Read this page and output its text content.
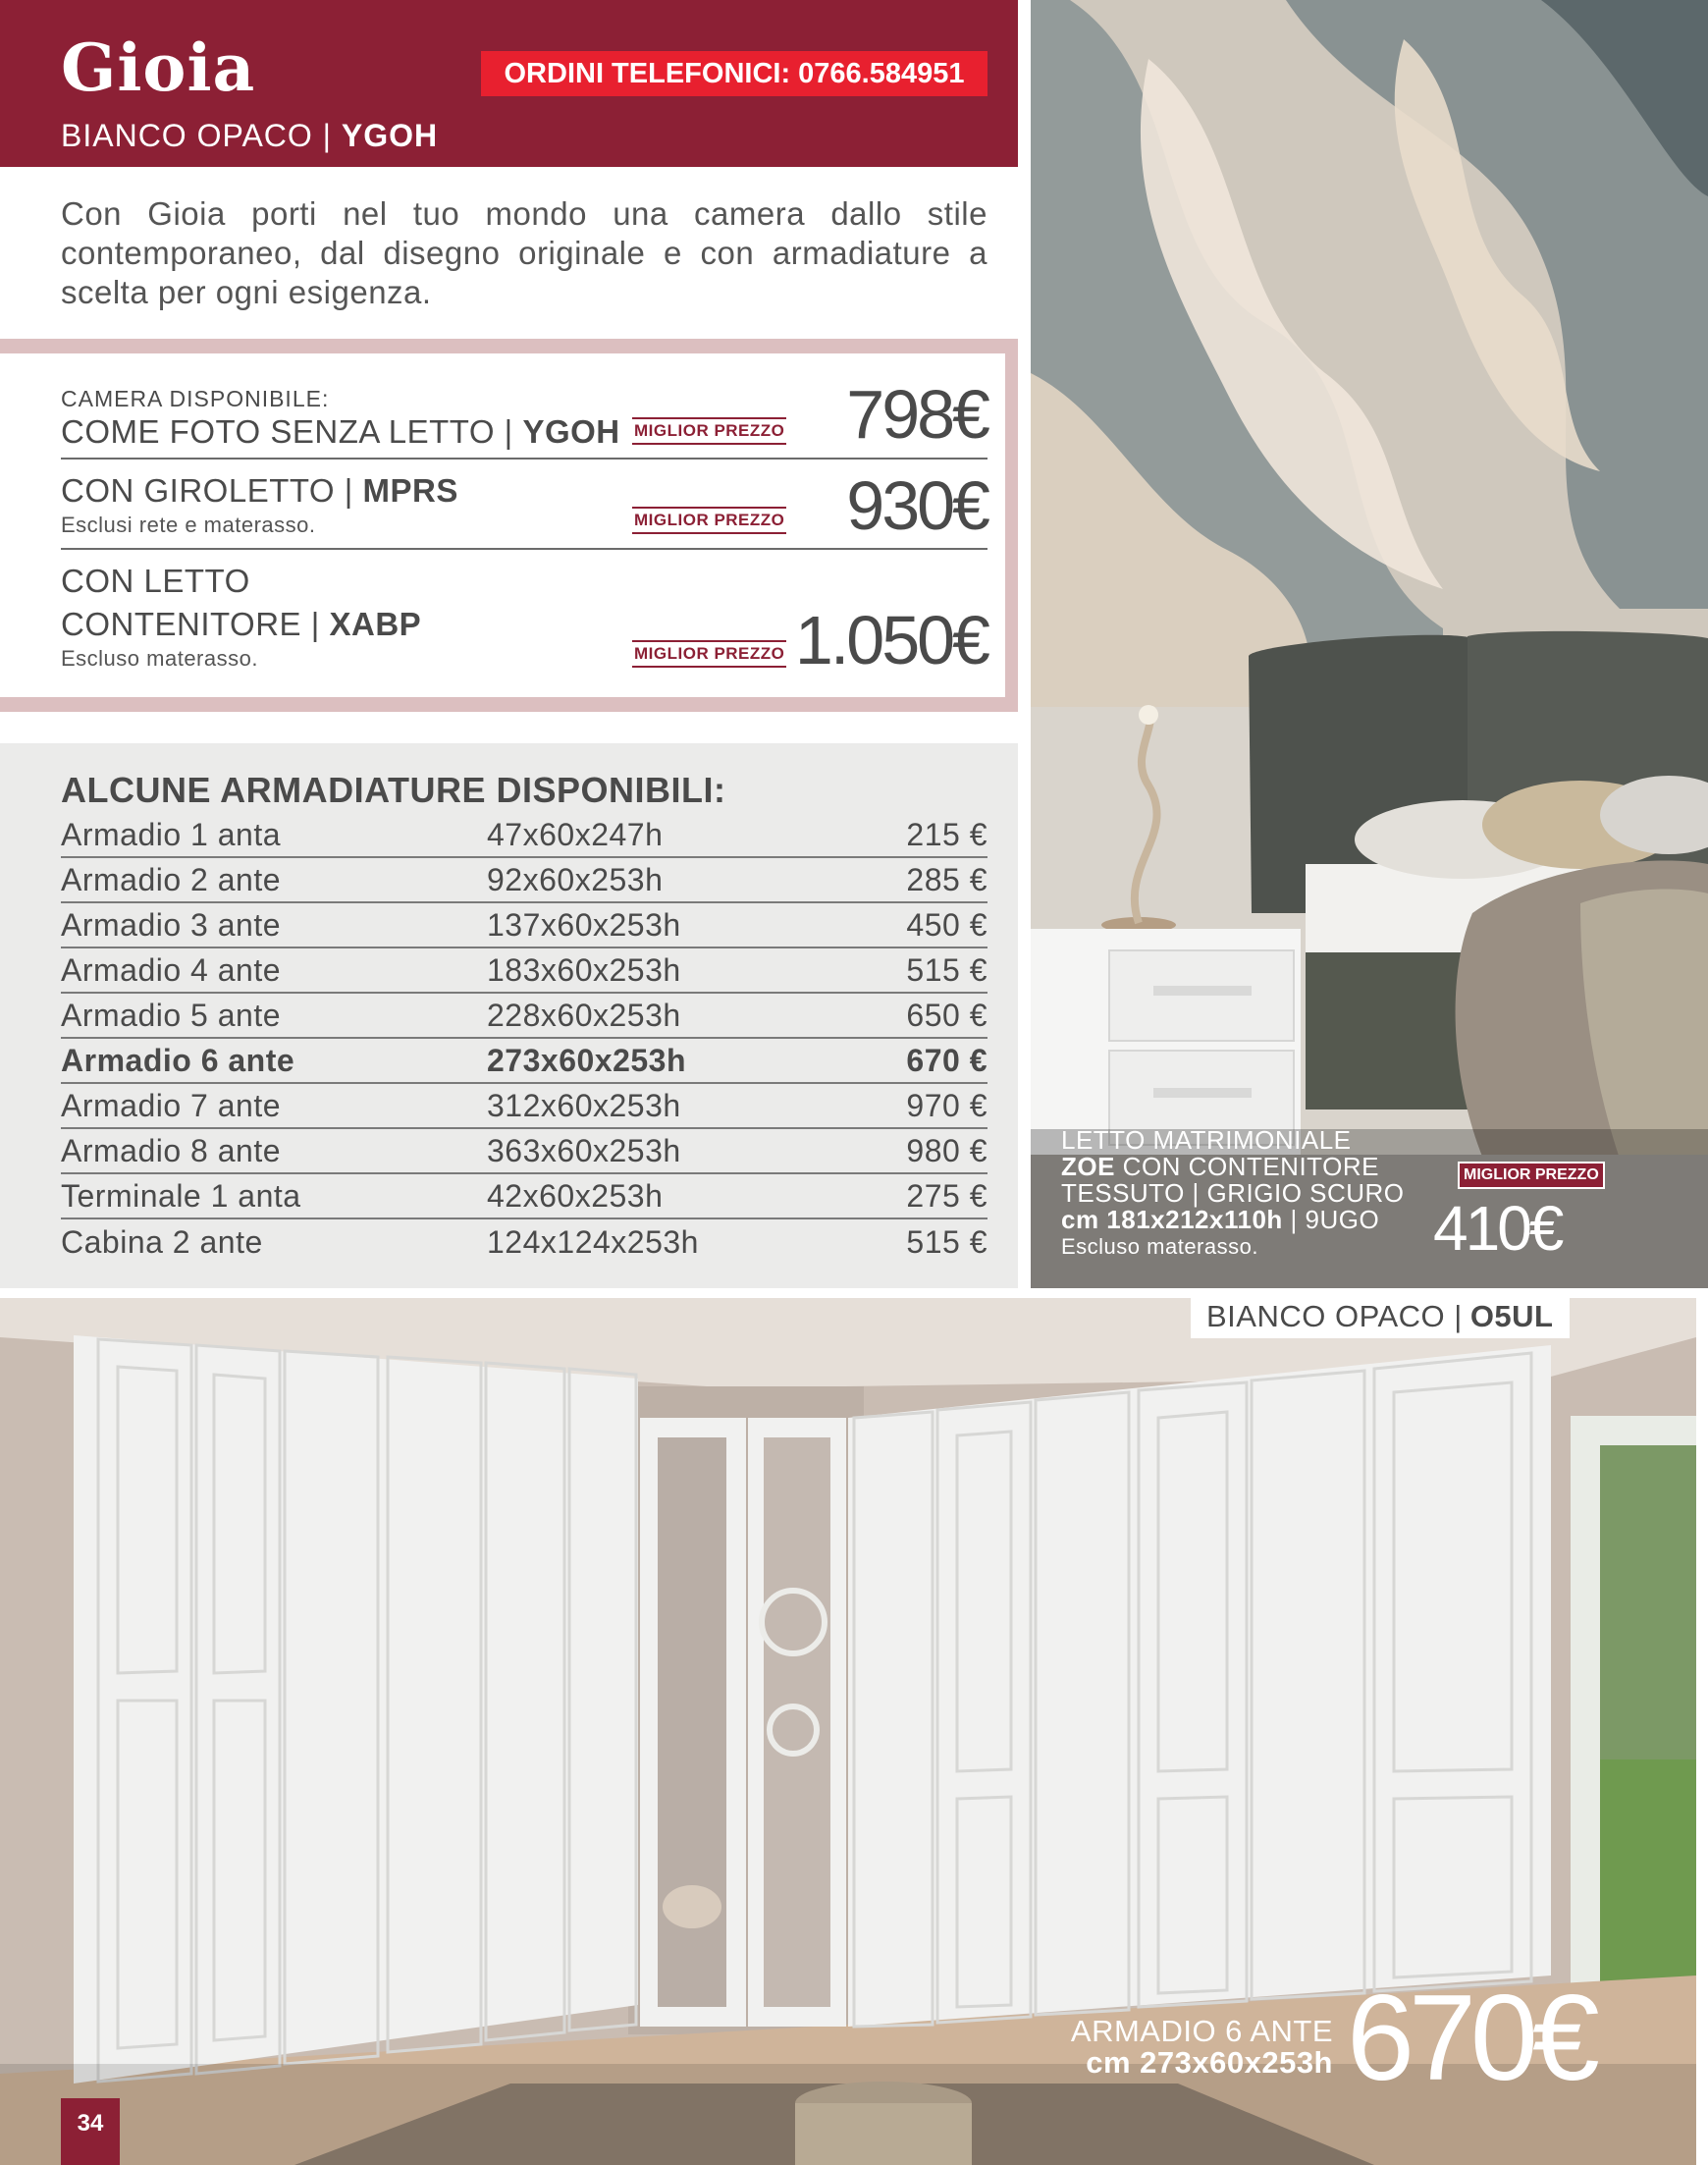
Gioia
BIANCO OPACO | YGOH
ORDINI TELEFONICI: 0766.584951
Con Gioia porti nel tuo mondo una camera dallo stile contemporaneo, dal disegno originale e con armadiature a scelta per ogni esigenza.
CAMERA DISPONIBILE:
COME FOTO SENZA LETTO | YGOH MIGLIOR PREZZO 798€
CON GIROLETTO | MPRS
Esclusi rete e materasso.	MIGLIOR PREZZO 930€
CON LETTO
CONTENITORE | XABP
Escluso materasso.	MIGLIOR PREZZO 1.050€
ALCUNE ARMADIATURE DISPONIBILI:
Armadio 1 anta	47x60x247h	215 €
Armadio 2 ante	92x60x253h	285 €
Armadio 3 ante	137x60x253h	450 €
Armadio 4 ante	183x60x253h	515 €
Armadio 5 ante	228x60x253h	650 €
Armadio 6 ante	273x60x253h	670 €
Armadio 7 ante	312x60x253h	970 €
Armadio 8 ante	363x60x253h	980 €
Terminale 1 anta	42x60x253h	275 €
Cabina 2 ante	124x124x253h	515 €
LETTO MATRIMONIALE
ZOE CON CONTENITORE
TESSUTO | GRIGIO SCURO
cm 181x212x110h | 9UGO
Escluso materasso.
MIGLIOR PREZZO
410€
BIANCO OPACO | O5UL
ARMADIO 6 ANTE
cm 273x60x253h 670€
34
